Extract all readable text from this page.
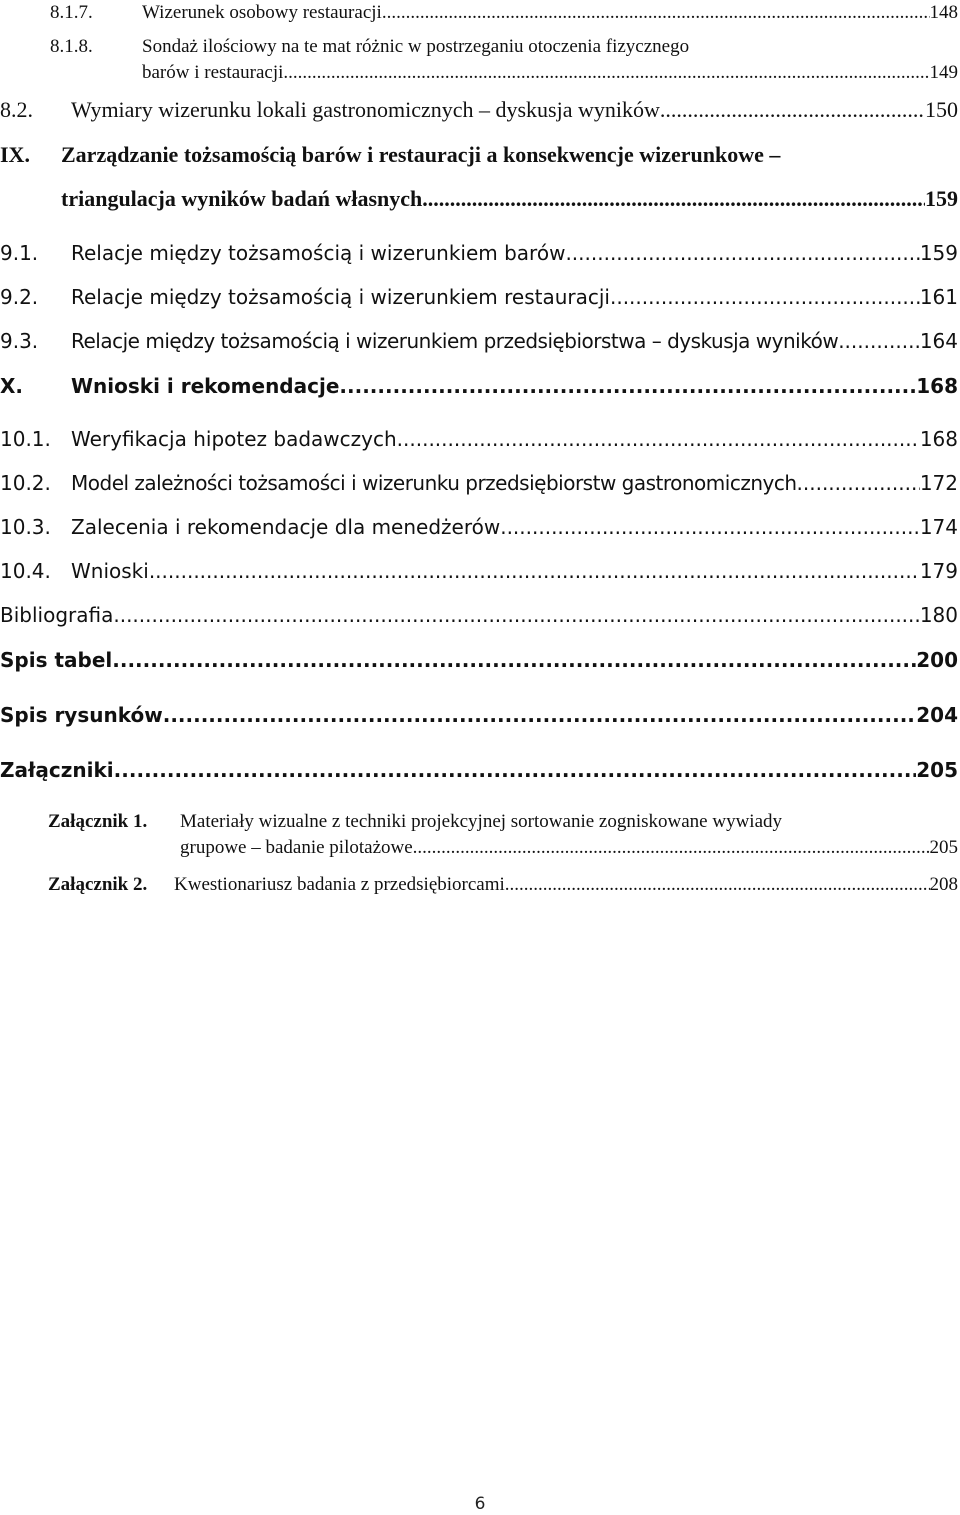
8.1.7.	Wizerunek osobowy restauracji .....	148
8.1.8.	Sondaż ilościowy na te mat różnic w postrzeganiu otoczenia fizycznego
barów i restauracji .....	149
8.2.	Wymiary wizerunku lokali gastronomicznych – dyskusja wyników .....	150
IX. Zarządzanie tożsamością barów i restauracji a konsekwencje wizerunkowe –
triangulacja wyników badań własnych .....	159
9.1.	Relacje między tożsamością i wizerunkiem barów .....	159
9.2.	Relacje między tożsamością i wizerunkiem restauracji .....	161
9.3.	Relacje między tożsamością i wizerunkiem przedsiębiorstwa – dyskusja wyników .....	164
X.	Wnioski i rekomendacje .....	168
10.1.	Weryfikacja hipotez badawczych .....	168
10.2.	Model zależności tożsamości i wizerunku przedsiębiorstw gastronomicznych .....	172
10.3.	Zalecenia i rekomendacje dla menedżerów .....	174
10.4.	Wnioski .....	179
Bibliografia .....	180
Spis tabel .....	200
Spis rysunków .....	204
Załączniki .....	205
Załącznik 1. Materiały wizualne z techniki projekcyjnej sortowanie zogniskowane wywiady
grupowe – badanie pilotażowe .....	205
Załącznik 2.	Kwestionariusz badania z przedsiębiorcami .....	208
6
